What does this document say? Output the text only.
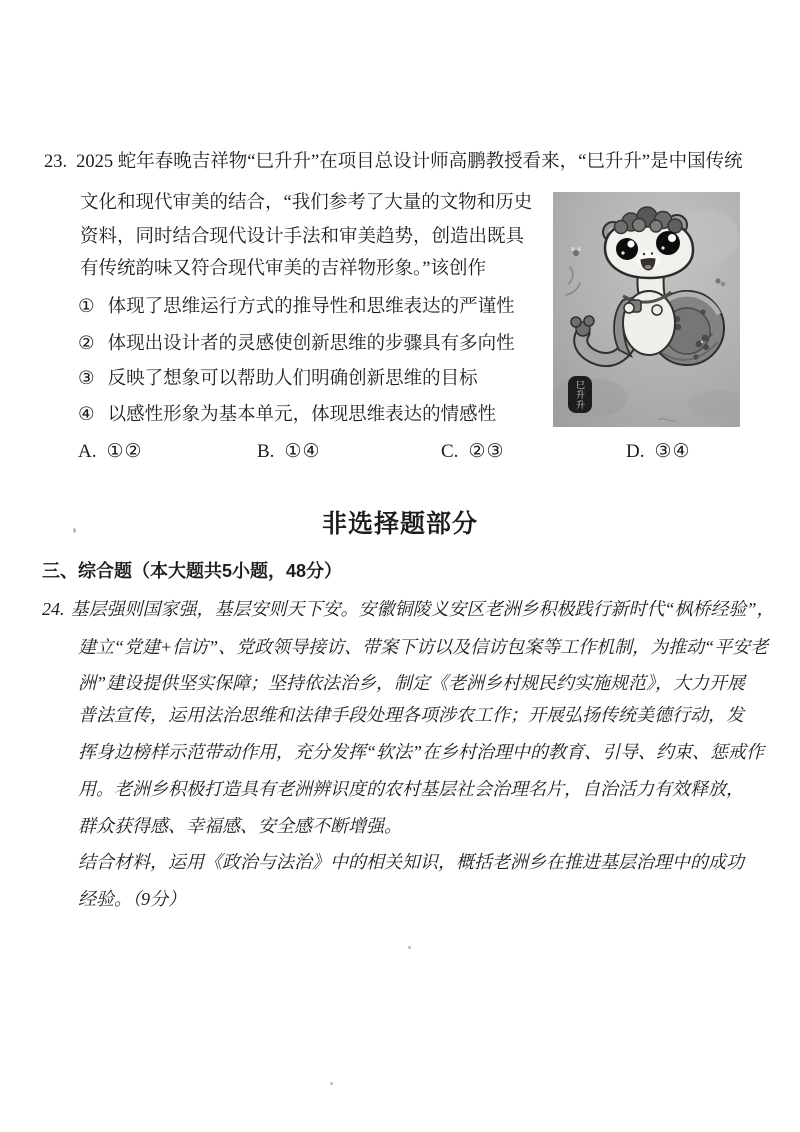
23. 2025 蛇年春晚吉祥物“巳升升”在项目总设计师高鹏教授看来，“巳升升”是中国传统
文化和现代审美的结合，“我们参考了大量的文物和历史
资料，同时结合现代设计手法和审美趋势，创造出既具
有传统韵味又符合现代审美的吉祥物形象。”该创作
① 体现了思维运行方式的推导性和思维表达的严谨性
② 体现出设计者的灵感使创新思维的步骤具有多向性
③ 反映了想象可以帮助人们明确创新思维的目标
④ 以感性形象为基本单元，体现思维表达的情感性
A. ①②	B. ①④	C. ②③	D. ③④
巳升升
非选择题部分
三、综合题（本大题共5小题，48分）
24. 基层强则国家强，基层安则天下安。安徽铜陵义安区老洲乡积极践行新时代“枫桥经验”，
建立“党建+信访”、党政领导接访、带案下访以及信访包案等工作机制，为推动“平安老
洲”建设提供坚实保障；坚持依法治乡，制定《老洲乡村规民约实施规范》，大力开展
普法宣传，运用法治思维和法律手段处理各项涉农工作；开展弘扬传统美德行动，发
挥身边榜样示范带动作用，充分发挥“软法”在乡村治理中的教育、引导、约束、惩戒作
用。老洲乡积极打造具有老洲辨识度的农村基层社会治理名片，自治活力有效释放，
群众获得感、幸福感、安全感不断增强。
结合材料，运用《政治与法治》中的相关知识，概括老洲乡在推进基层治理中的成功
经验。（9分）
